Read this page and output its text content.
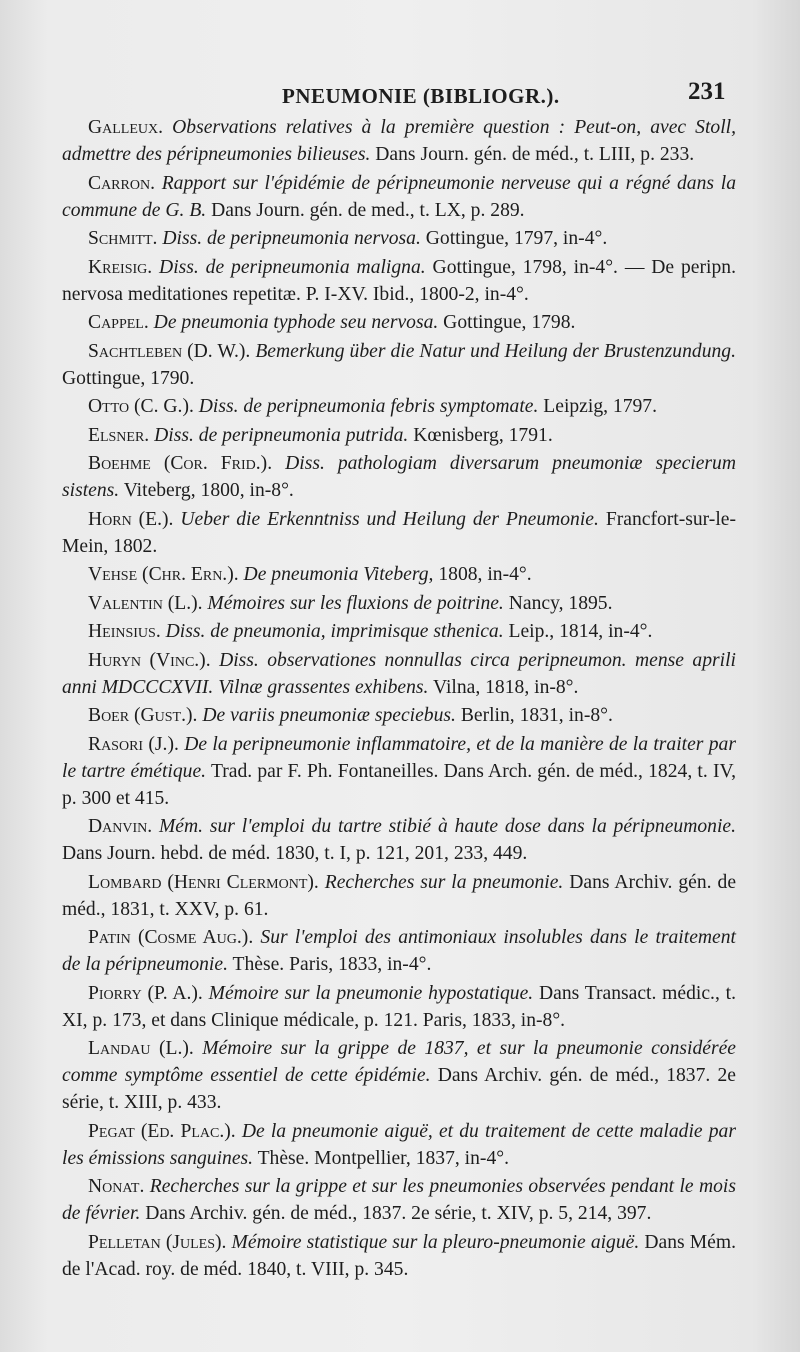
PNEUMONIE (BIBLIOGR.).	231

Galleux. Observations relatives à la première question : Peut-on, avec Stoll, admettre des péripneumonies bilieuses. Dans Journ. gén. de méd., t. LIII, p. 233.

Carron. Rapport sur l'épidémie de péripneumonie nerveuse qui a régné dans la commune de G. B. Dans Journ. gén. de med., t. LX, p. 289.

Schmitt. Diss. de peripneumonia nervosa. Gottingue, 1797, in-4°.

Kreisig. Diss. de peripneumonia maligna. Gottingue, 1798, in-4°. — De peripn. nervosa meditationes repetitæ. P. I-XV. Ibid., 1800-2, in-4°.

Cappel. De pneumonia typhode seu nervosa. Gottingue, 1798.

Sachtleben (D. W.). Bemerkung über die Natur und Heilung der Brustenzundung. Gottingue, 1790.

Otto (C. G.). Diss. de peripneumonia febris symptomate. Leipzig, 1797.

Elsner. Diss. de peripneumonia putrida. Kœnisberg, 1791.

Boehme (Cor. Frid.). Diss. pathologiam diversarum pneumoniæ specierum sistens. Viteberg, 1800, in-8°.

Horn (E.). Ueber die Erkenntniss und Heilung der Pneumonie. Francfort-sur-le-Mein, 1802.

Vehse (Chr. Ern.). De pneumonia Viteberg, 1808, in-4°.

Valentin (L.). Mémoires sur les fluxions de poitrine. Nancy, 1895.

Heinsius. Diss. de pneumonia, imprimisque sthenica. Leip., 1814, in-4°.

Huryn (Vinc.). Diss. observationes nonnullas circa peripneumon. mense aprili anni MDCCCXVII. Vilnæ grassentes exhibens. Vilna, 1818, in-8°.

Boer (Gust.). De variis pneumoniæ speciebus. Berlin, 1831, in-8°.

Rasori (J.). De la peripneumonie inflammatoire, et de la manière de la traiter par le tartre émétique. Trad. par F. Ph. Fontaneilles. Dans Arch. gén. de méd., 1824, t. IV, p. 300 et 415.

Danvin. Mém. sur l'emploi du tartre stibié à haute dose dans la péripneumonie. Dans Journ. hebd. de méd. 1830, t. I, p. 121, 201, 233, 449.

Lombard (Henri Clermont). Recherches sur la pneumonie. Dans Archiv. gén. de méd., 1831, t. XXV, p. 61.

Patin (Cosme Aug.). Sur l'emploi des antimoniaux insolubles dans le traitement de la péripneumonie. Thèse. Paris, 1833, in-4°.

Piorry (P. A.). Mémoire sur la pneumonie hypostatique. Dans Transact. médic., t. XI, p. 173, et dans Clinique médicale, p. 121. Paris, 1833, in-8°.

Landau (L.). Mémoire sur la grippe de 1837, et sur la pneumonie considérée comme symptôme essentiel de cette épidémie. Dans Archiv. gén. de méd., 1837. 2e série, t. XIII, p. 433.

Pegat (Ed. Plac.). De la pneumonie aiguë, et du traitement de cette maladie par les émissions sanguines. Thèse. Montpellier, 1837, in-4°.

Nonat. Recherches sur la grippe et sur les pneumonies observées pendant le mois de février. Dans Archiv. gén. de méd., 1837. 2e série, t. XIV, p. 5, 214, 397.

Pelletan (Jules). Mémoire statistique sur la pleuro-pneumonie aiguë. Dans Mém. de l'Acad. roy. de méd. 1840, t. VIII, p. 345.
